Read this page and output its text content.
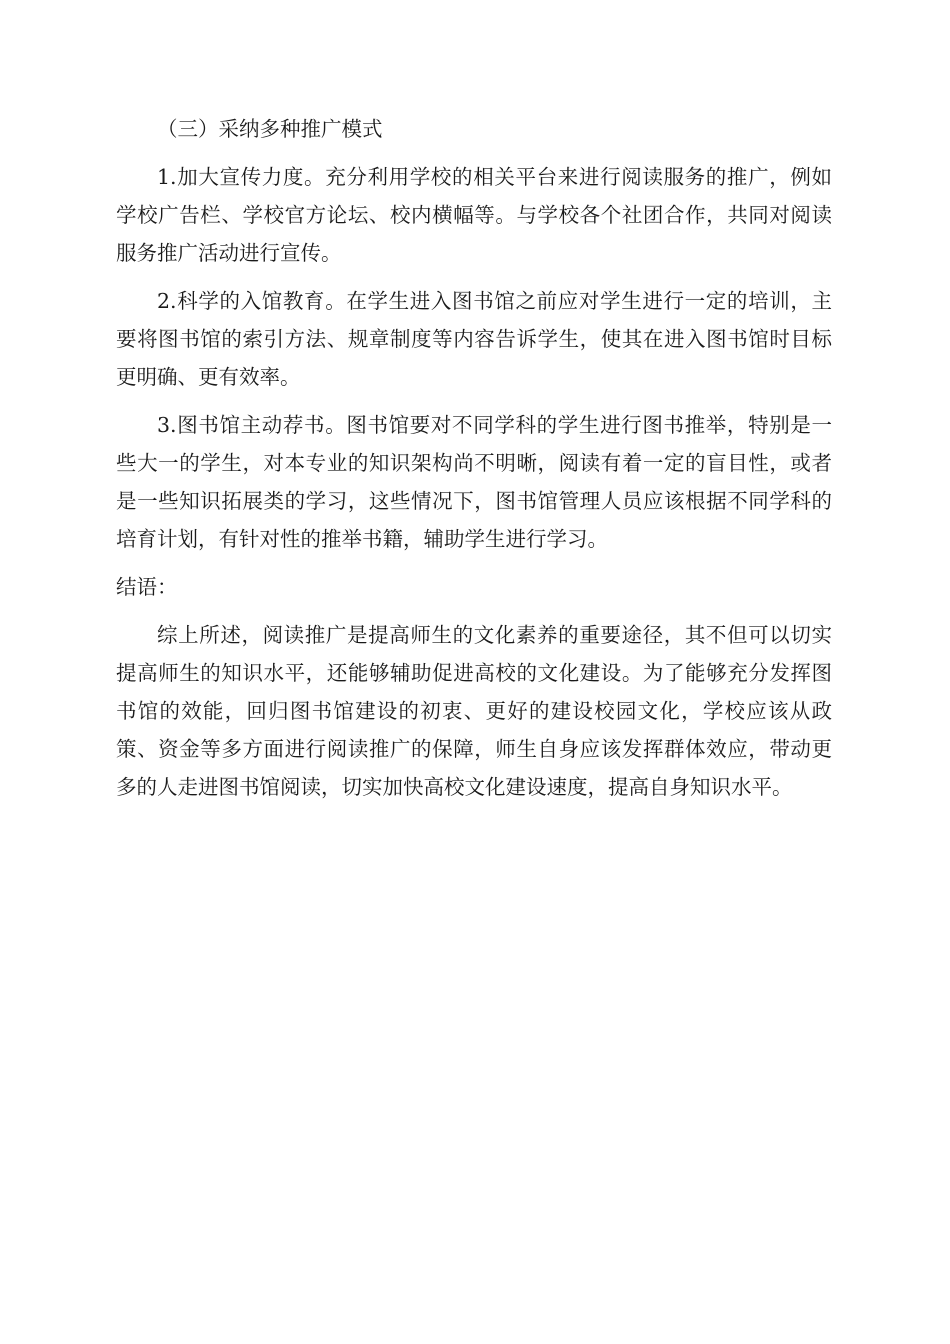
（三）采纳多种推广模式

1.加大宣传力度。充分利用学校的相关平台来进行阅读服务的推广，例如学校广告栏、学校官方论坛、校内横幅等。与学校各个社团合作，共同对阅读服务推广活动进行宣传。

2.科学的入馆教育。在学生进入图书馆之前应对学生进行一定的培训，主要将图书馆的索引方法、规章制度等内容告诉学生，使其在进入图书馆时目标更明确、更有效率。

3.图书馆主动荐书。图书馆要对不同学科的学生进行图书推举，特别是一些大一的学生，对本专业的知识架构尚不明晰，阅读有着一定的盲目性，或者是一些知识拓展类的学习，这些情况下，图书馆管理人员应该根据不同学科的培育计划，有针对性的推举书籍，辅助学生进行学习。

结语：

综上所述，阅读推广是提高师生的文化素养的重要途径，其不但可以切实提高师生的知识水平，还能够辅助促进高校的文化建设。为了能够充分发挥图书馆的效能，回归图书馆建设的初衷、更好的建设校园文化，学校应该从政策、资金等多方面进行阅读推广的保障，师生自身应该发挥群体效应，带动更多的人走进图书馆阅读，切实加快高校文化建设速度，提高自身知识水平。
